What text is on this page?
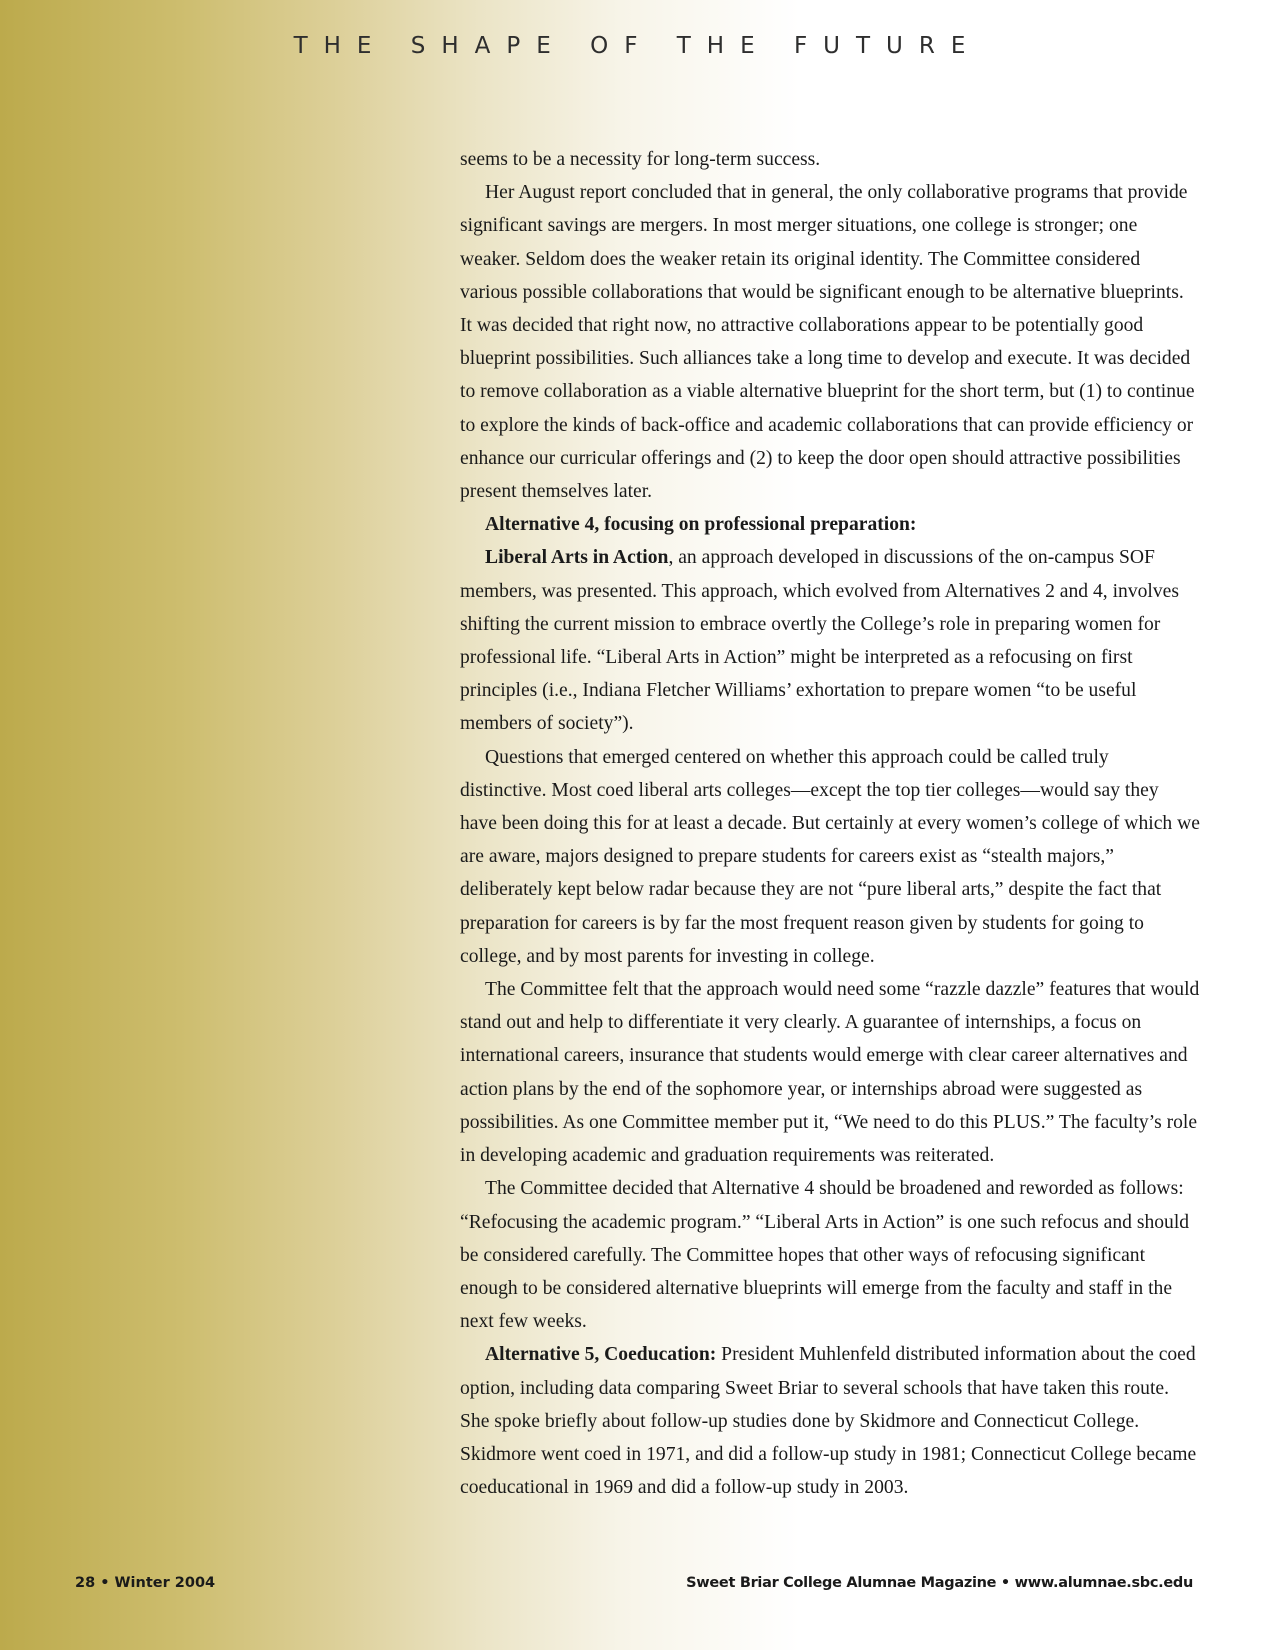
THE SHAPE OF THE FUTURE

seems to be a necessity for long-term success.

Her August report concluded that in general, the only collaborative programs that provide significant savings are mergers. In most merger situations, one college is stronger; one weaker. Seldom does the weaker retain its original identity. The Committee considered various possible collaborations that would be significant enough to be alternative blueprints. It was decided that right now, no attractive collaborations appear to be potentially good blueprint possibilities. Such alliances take a long time to develop and execute. It was decided to remove collaboration as a viable alternative blueprint for the short term, but (1) to continue to explore the kinds of back-office and academic collaborations that can provide efficiency or enhance our curricular offerings and (2) to keep the door open should attractive possibilities present themselves later.

Alternative 4, focusing on professional preparation:

Liberal Arts in Action, an approach developed in discussions of the on-campus SOF members, was presented. This approach, which evolved from Alternatives 2 and 4, involves shifting the current mission to embrace overtly the College’s role in preparing women for professional life. “Liberal Arts in Action” might be interpreted as a refocusing on first principles (i.e., Indiana Fletcher Williams’ exhortation to prepare women “to be useful members of society”).

Questions that emerged centered on whether this approach could be called truly distinctive. Most coed liberal arts colleges—except the top tier colleges—would say they have been doing this for at least a decade. But certainly at every women’s college of which we are aware, majors designed to prepare students for careers exist as “stealth majors,” deliberately kept below radar because they are not “pure liberal arts,” despite the fact that preparation for careers is by far the most frequent reason given by students for going to college, and by most parents for investing in college.

The Committee felt that the approach would need some “razzle dazzle” features that would stand out and help to differentiate it very clearly. A guarantee of internships, a focus on international careers, insurance that students would emerge with clear career alternatives and action plans by the end of the sophomore year, or internships abroad were suggested as possibilities. As one Committee member put it, “We need to do this PLUS.” The faculty’s role in developing academic and graduation requirements was reiterated.

The Committee decided that Alternative 4 should be broadened and reworded as follows: “Refocusing the academic program.” “Liberal Arts in Action” is one such refocus and should be considered carefully. The Committee hopes that other ways of refocusing significant enough to be considered alternative blueprints will emerge from the faculty and staff in the next few weeks.

Alternative 5, Coeducation: President Muhlenfeld distributed information about the coed option, including data comparing Sweet Briar to several schools that have taken this route. She spoke briefly about follow-up studies done by Skidmore and Connecticut College. Skidmore went coed in 1971, and did a follow-up study in 1981; Connecticut College became coeducational in 1969 and did a follow-up study in 2003.

28 • Winter 2004	Sweet Briar College Alumnae Magazine • www.alumnae.sbc.edu
